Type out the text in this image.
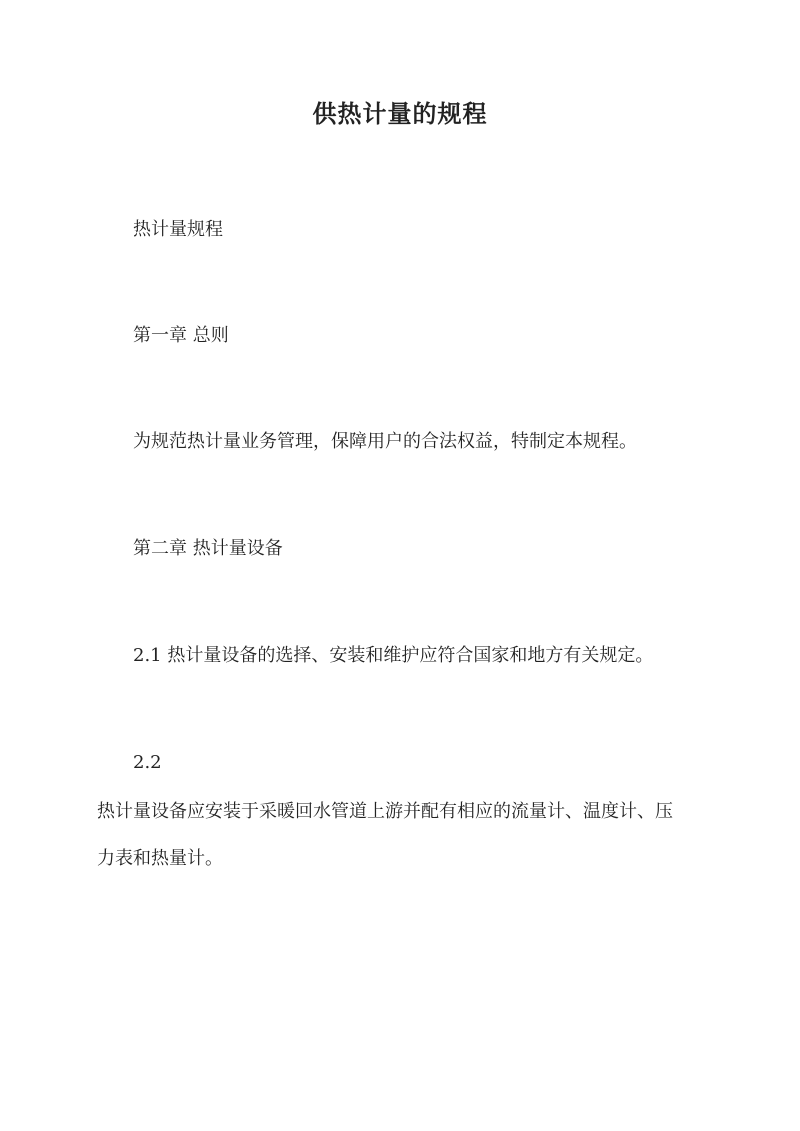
供热计量的规程
热计量规程
第一章 总则
为规范热计量业务管理，保障用户的合法权益，特制定本规程。
第二章 热计量设备
2.1 热计量设备的选择、安装和维护应符合国家和地方有关规定。
2.2
热计量设备应安装于采暖回水管道上游并配有相应的流量计、温度计、压
力表和热量计。
